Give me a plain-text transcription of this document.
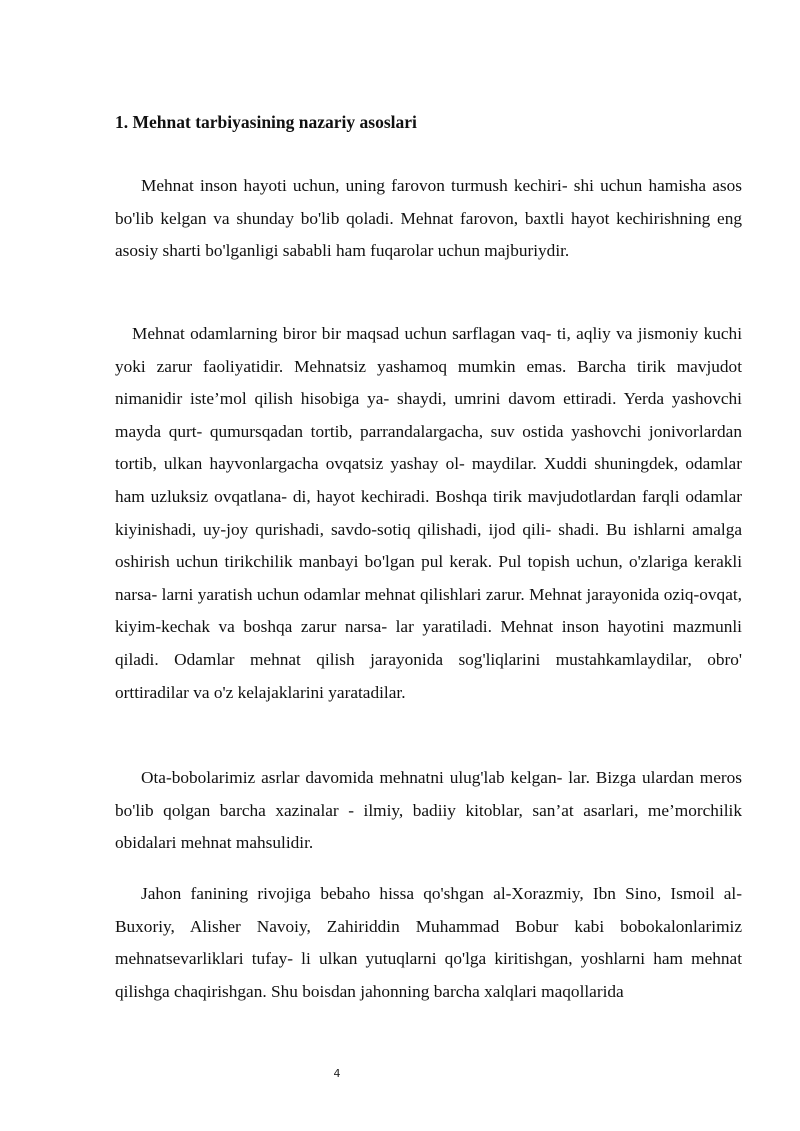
1. Mehnat tarbiyasining nazariy asoslari

Mehnat inson hayoti uchun, uning farovon turmush kechiri- shi uchun hamisha asos bo'lib kelgan va shunday bo'lib qoladi. Mehnat farovon, baxtli hayot kechirishning eng asosiy sharti bo'lganligi sababli ham fuqarolar uchun majburiydir.

Mehnat odamlarning biror bir maqsad uchun sarflagan vaq- ti, aqliy va jismoniy kuchi yoki zarur faoliyatidir. Mehnatsiz yashamoq mumkin emas. Barcha tirik mavjudot nimanidir iste’mol qilish hisobiga ya- shaydi, umrini davom ettiradi. Yerda yashovchi mayda qurt- qumursqadan tortib, parrandalargacha, suv ostida yashovchi jonivorlardan tortib, ulkan hayvonlargacha ovqatsiz yashay ol- maydilar. Xuddi shuningdek, odamlar ham uzluksiz ovqatlana- di, hayot kechiradi. Boshqa tirik mavjudotlardan farqli odamlar kiyinishadi, uy-joy qurishadi, savdo-sotiq qilishadi, ijod qili- shadi. Bu ishlarni amalga oshirish uchun tirikchilik manbayi bo'lgan pul kerak. Pul topish uchun, o'zlariga kerakli narsa- larni yaratish uchun odamlar mehnat qilishlari zarur. Mehnat jarayonida oziq-ovqat, kiyim-kechak va boshqa zarur narsa- lar yaratiladi. Mehnat inson hayotini mazmunli qiladi. Odamlar mehnat qilish jarayonida sog'liqlarini mustahkamlaydilar, obro' orttiradilar va o'z kelajaklarini yaratadilar.

Ota-bobolarimiz asrlar davomida mehnatni ulug'lab kelgan- lar. Bizga ulardan meros bo'lib qolgan barcha xazinalar - ilmiy, badiiy kitoblar, san’at asarlari, me’morchilik obidalari mehnat mahsulidir.

Jahon fanining rivojiga bebaho hissa qo'shgan al-Xorazmiy, Ibn Sino, Ismoil al-Buxoriy, Alisher Navoiy, Zahiriddin Muhammad Bobur kabi bobokalonlarimiz mehnatsevarliklari tufay- li ulkan yutuqlarni qo'lga kiritishgan, yoshlarni ham mehnat qilishga chaqirishgan. Shu boisdan jahonning barcha xalqlari maqollarida

4
